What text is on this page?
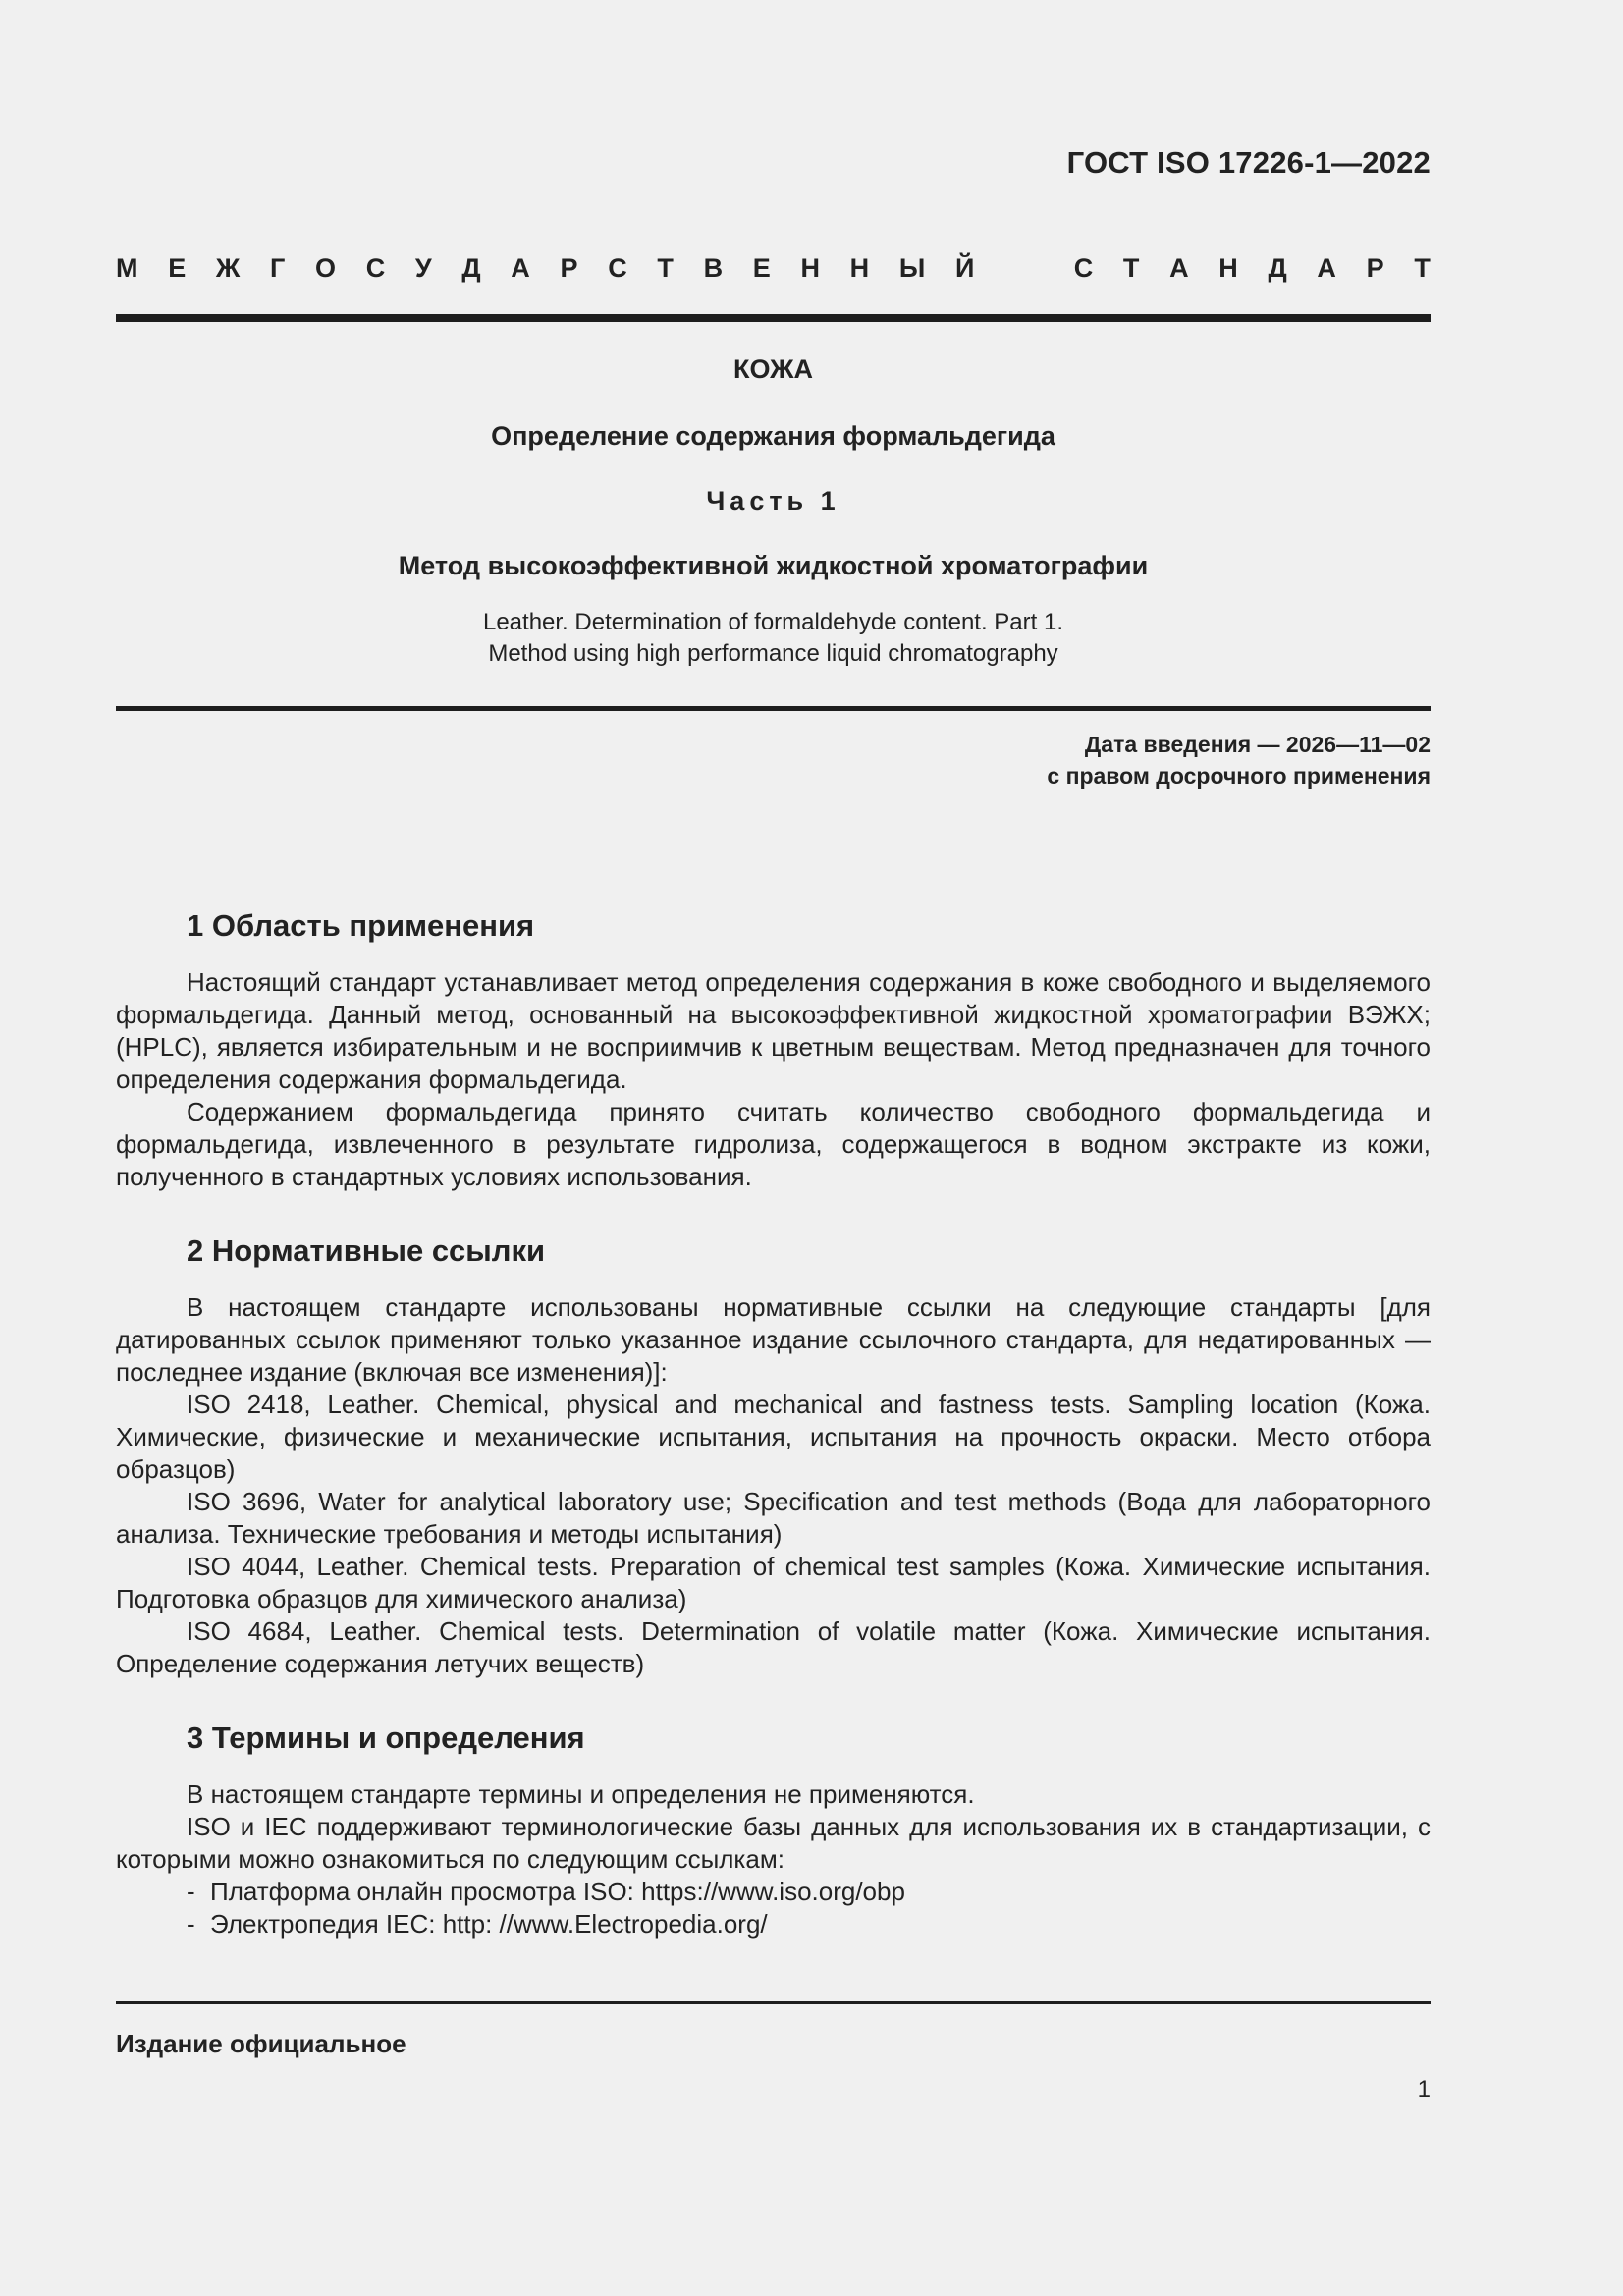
ГОСТ ISO 17226-1—2022
М Е Ж Г О С У Д А Р С Т В Е Н Н Ы Й	С Т А Н Д А Р Т

КОЖА

Определение содержания формальдегида

Часть 1

Метод высокоэффективной жидкостной хроматографии

Leather. Determination of formaldehyde content. Part 1.

Method using high performance liquid chromatography

Дата введения — 2026—11—02
с правом досрочного применения
1 Область применения

Настоящий стандарт устанавливает метод определения содержания в коже свободного и выделяемого формальдегида. Данный метод, основанный на высокоэффективной жидкостной хроматографии ВЭЖХ; (HPLC), является избирательным и не восприимчив к цветным веществам. Метод предназначен для точного определения содержания формальдегида.

Содержанием формальдегида принято считать количество свободного формальдегида и формальдегида, извлеченного в результате гидролиза, содержащегося в водном экстракте из кожи, полученного в стандартных условиях использования.

2 Нормативные ссылки

В настоящем стандарте использованы нормативные ссылки на следующие стандарты [для датированных ссылок применяют только указанное издание ссылочного стандарта, для недатированных — последнее издание (включая все изменения)]:

ISO 2418, Leather. Chemical, physical and mechanical and fastness tests. Sampling location (Кожа. Химические, физические и механические испытания, испытания на прочность окраски. Место отбора образцов)

ISO 3696, Water for analytical laboratory use; Specification and test methods (Вода для лабораторного анализа. Технические требования и методы испытания)

ISO 4044, Leather. Chemical tests. Preparation of chemical test samples (Кожа. Химические испытания. Подготовка образцов для химического анализа)

ISO 4684, Leather. Chemical tests. Determination of volatile matter (Кожа. Химические испытания. Определение содержания летучих веществ)

3 Термины и определения

В настоящем стандарте термины и определения не применяются.

ISO и IEC поддерживают терминологические базы данных для использования их в стандартизации, с которыми можно ознакомиться по следующим ссылкам:

- Платформа онлайн просмотра ISO: https://www.iso.org/obp
- Электропедия IEC: http: //www.Electropedia.org/
Издание официальное
1
